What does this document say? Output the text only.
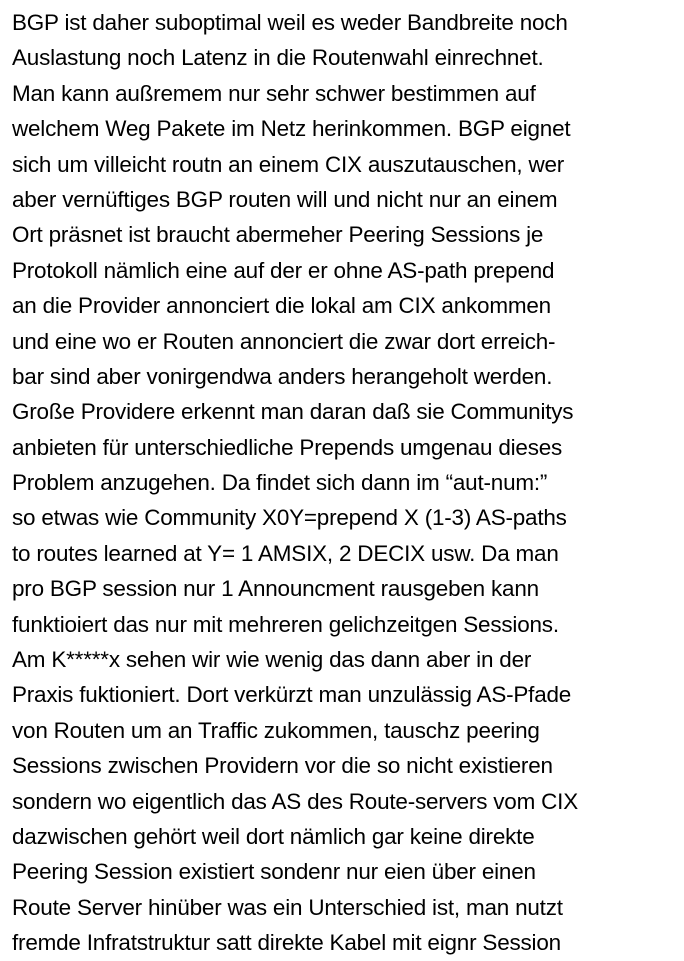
BGP ist daher suboptimal weil es weder Bandbreite noch
Auslastung noch Latenz in die Routenwahl einrechnet.
Man kann außremem nur sehr schwer bestimmen auf
welchem Weg Pakete im Netz herinkommen. BGP eignet
sich um villeicht routn an einem CIX auszutauschen, wer
aber vernüftiges BGP routen will und nicht nur an einem
Ort präsnet ist braucht abermeher Peering Sessions je
Protokoll nämlich eine auf der er ohne AS-path prepend
an die Provider annonciert die lokal am CIX ankommen
und eine wo er Routen annonciert die zwar dort erreich-
bar sind aber vonirgendwa anders herangeholt werden.
Große Providere erkennt man daran daß sie Communitys
anbieten für unterschiedliche Prepends umgenau dieses
Problem anzugehen. Da findet sich dann im “aut-num:”
so etwas wie Community X0Y=prepend X (1-3) AS-paths
to routes learned at Y= 1 AMSIX, 2 DECIX usw. Da man
pro BGP session nur 1 Announcment rausgeben kann
funktioiert das nur mit mehreren gelichzeitgen Sessions.
Am K*****x sehen wir wie wenig das dann aber in der
Praxis fuktioniert. Dort verkürzt man unzulässig AS-Pfade
von Routen um an Traffic zukommen, tauschz peering
Sessions zwischen Providern vor die so nicht existieren
sondern wo eigentlich das AS des Route-servers vom CIX
dazwischen gehört weil dort nämlich gar keine direkte
Peering Session existiert sondenr nur eien über einen
Route Server hinüber was ein Unterschied ist, man nutzt
fremde Infratstruktur satt direkte Kabel mit eignr Session
